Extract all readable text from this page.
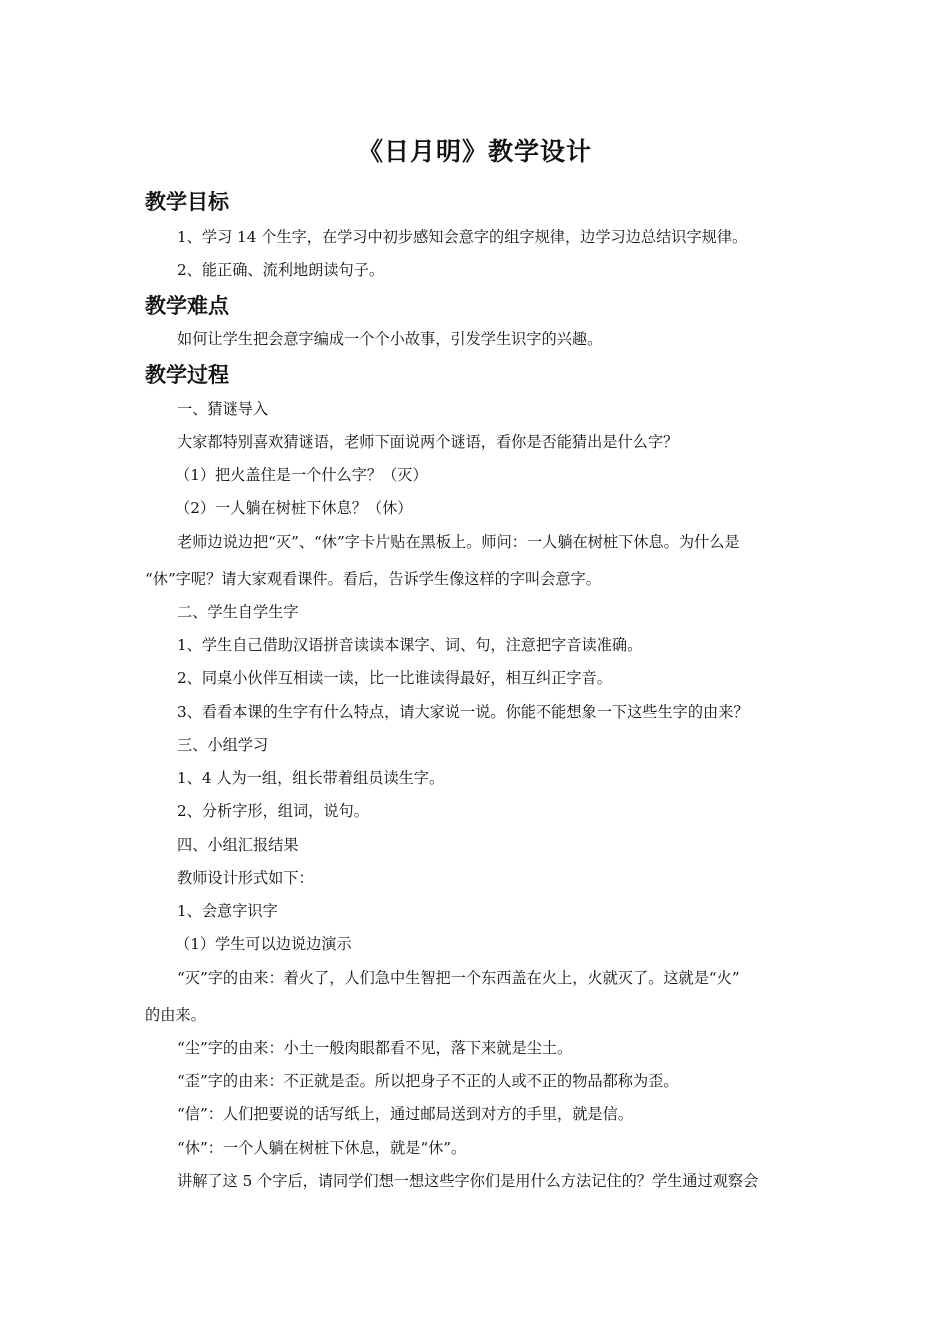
《日月明》教学设计
教学目标
1、学习 14 个生字，在学习中初步感知会意字的组字规律，边学习边总结识字规律。
2、能正确、流利地朗读句子。
教学难点
如何让学生把会意字编成一个个小故事，引发学生识字的兴趣。
教学过程
一、猜谜导入
大家都特别喜欢猜谜语，老师下面说两个谜语，看你是否能猜出是什么字？
（1）把火盖住是一个什么字？（灭）
（2）一人躺在树桩下休息？（休）
老师边说边把“灭”、“休”字卡片贴在黑板上。师问：一人躺在树桩下休息。为什么是
“休”字呢？请大家观看课件。看后，告诉学生像这样的字叫会意字。
二、学生自学生字
1、学生自己借助汉语拼音读读本课字、词、句，注意把字音读准确。
2、同桌小伙伴互相读一读，比一比谁读得最好，相互纠正字音。
3、看看本课的生字有什么特点，请大家说一说。你能不能想象一下这些生字的由来？
三、小组学习
1、4 人为一组，组长带着组员读生字。
2、分析字形，组词，说句。
四、小组汇报结果
教师设计形式如下：
1、会意字识字
（1）学生可以边说边演示
“灭”字的由来：着火了，人们急中生智把一个东西盖在火上，火就灭了。这就是“火”
的由来。
“尘”字的由来：小土一般肉眼都看不见，落下来就是尘土。
“歪”字的由来：不正就是歪。所以把身子不正的人或不正的物品都称为歪。
“信”：人们把要说的话写纸上，通过邮局送到对方的手里，就是信。
“休”：一个人躺在树桩下休息，就是“休”。
讲解了这 5 个字后，请同学们想一想这些字你们是用什么方法记住的？学生通过观察会
